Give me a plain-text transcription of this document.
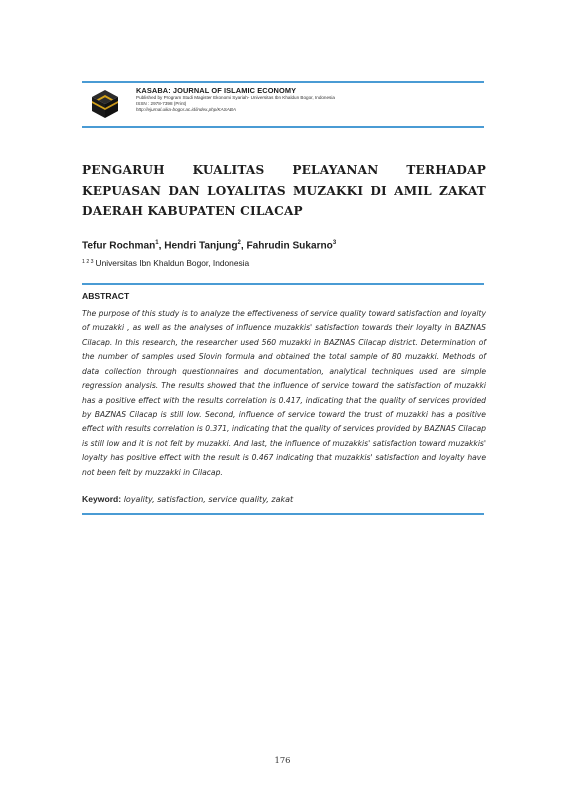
KASABA: JOURNAL OF ISLAMIC ECONOMY
Published by Program Studi Magister Ekonomi Syariah- Universitas Ibn Khaldun Bogor, Indonesia
ISSN : 2978-7398 (Print)
http://ejurnal.uika-bogor.ac.id/index.php/KASABA
PENGARUH KUALITAS PELAYANAN TERHADAP KEPUASAN DAN LOYALITAS MUZAKKI DI AMIL ZAKAT DAERAH KABUPATEN CILACAP
Tefur Rochman$^1$, Hendri Tanjung$^2$, Fahrudin Sukarno$^3$
$^{1 2 3}$ Universitas Ibn Khaldun Bogor, Indonesia
ABSTRACT
The purpose of this study is to analyze the effectiveness of service quality toward satisfaction and loyalty of muzakki , as well as the analyses of influence muzakkis' satisfaction towards their loyalty in BAZNAS Cilacap. In this research, the researcher used 560 muzakki in BAZNAS Cilacap district. Determination of the number of samples used Slovin formula and obtained the total sample of 80 muzakki. Methods of data collection through questionnaires and documentation, analytical techniques used are simple regression analysis. The results showed that the influence of service toward the satisfaction of muzakki has a positive effect with the results correlation is 0.417, indicating that the quality of services provided by BAZNAS Cilacap is still low. Second, influence of service toward the trust of muzakki has a positive effect with results correlation is 0.371, indicating that the quality of services provided by BAZNAS Cilacap is still low and it is not felt by muzakki. And last, the influence of muzakkis' satisfaction toward muzakkis' loyalty has positive effect with the result is 0.467 indicating that muzakkis' satisfaction and loyalty have not been felt by muzzakki in Cilacap.
Keyword: loyality, satisfaction, service quality, zakat
176
